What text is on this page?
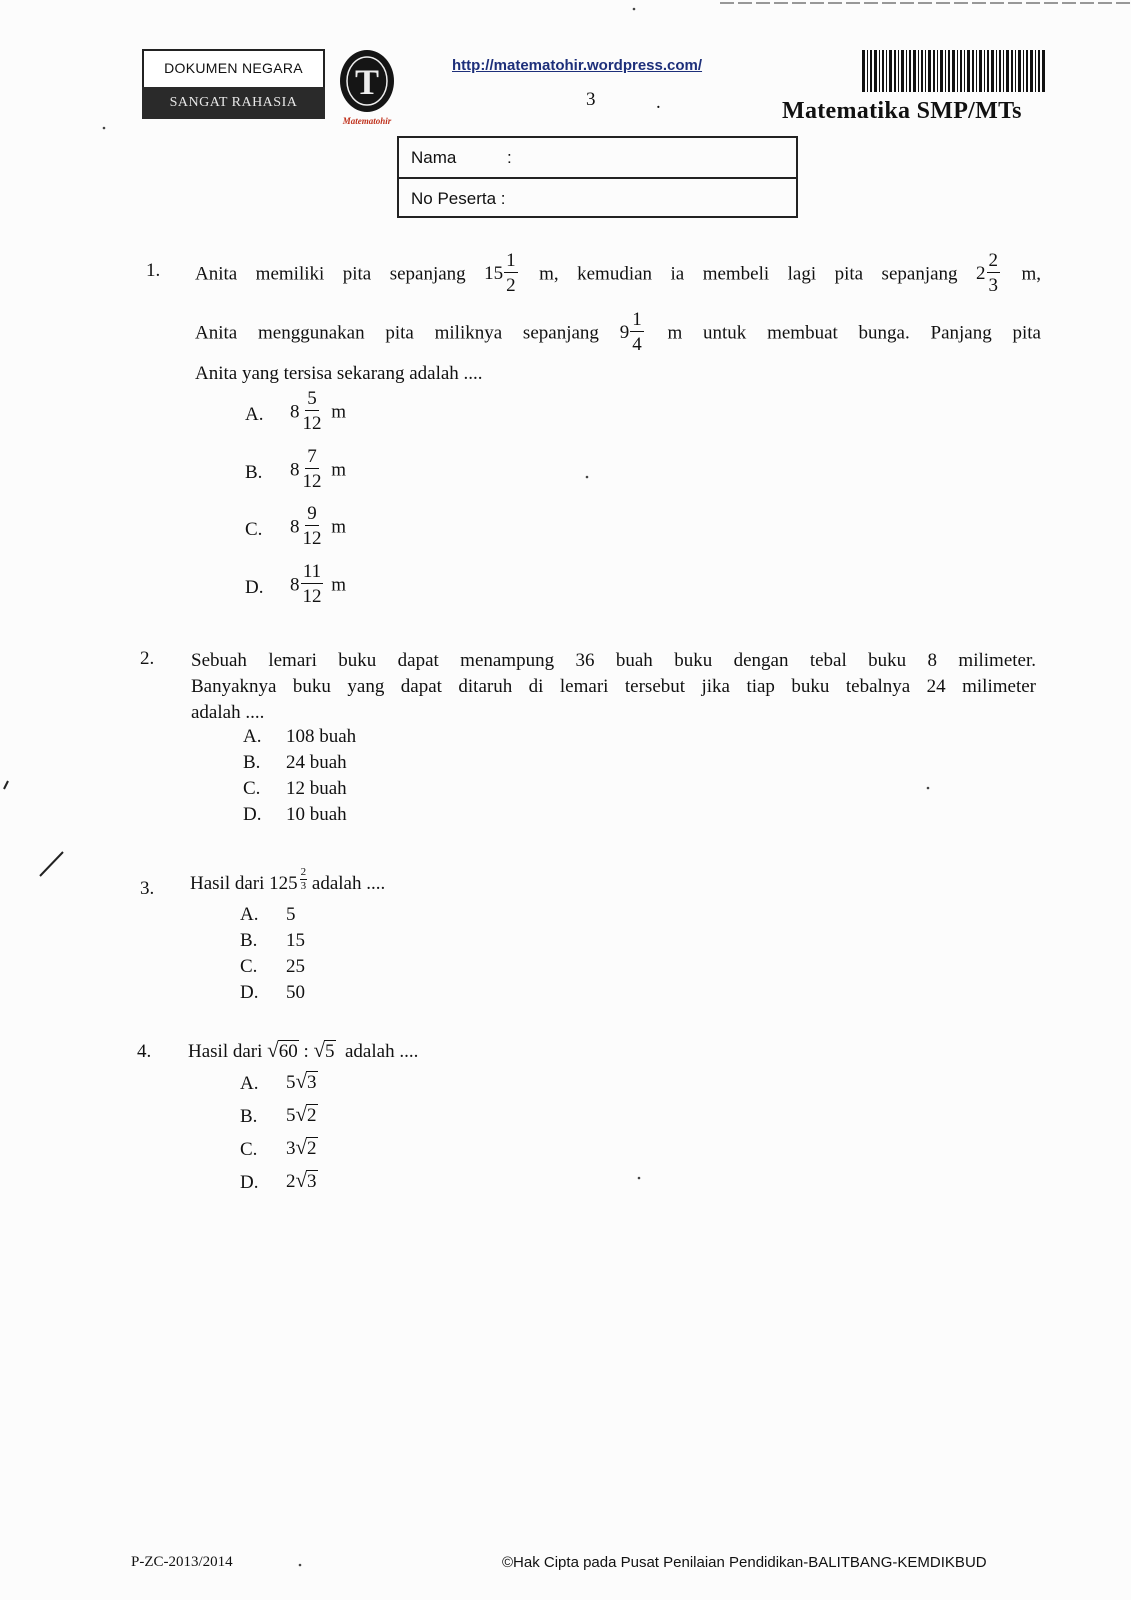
DOKUMEN NEGARA
SANGAT RAHASIA
T
Matematohir
http://matematohir.wordpress.com/
3	.	Matematika SMP/MTs
Nama	:
No Peserta :
1. Anita memiliki pita sepanjang $15 \frac{1}{2} m$, kemudian ia membeli lagi pita sepanjang $2 \frac{2}{3} m$,
Anita menggunakan pita miliknya sepanjang $9 \frac{1}{4}$ m untuk membuat bunga. Panjang pita
Anita yang tersisa sekarang adalah ....
A. $8 \frac{5}{12}$ m
B. $8 \frac{7}{12}$ m
C. $8 \frac{9}{12}$ m
D. $8 \frac{11}{12}$ m
2. Sebuah lemari buku dapat menampung 36 buah buku dengan tebal buku 8 milimeter.
Banyaknya buku yang dapat ditaruh di lemari tersebut jika tiap buku tebalnya 24 milimeter
adalah ....
A. 108 buah
B. 24 buah
C. 12 buah
D. 10 buah
3. Hasil dari $125 \frac{2}{3}$ adalah ....
A. 5
B. 15
C. 25
D. 50
4. Hasil dari √ 60 : √ 5 adalah ....
A. 5 √ 3
B. 5 √ 2
C. 3 √ 2
D. 2 √ 3
P-ZC-2013/2014	©Hak Cipta pada Pusat Penilaian Pendidikan-BALITBANG-KEMDIKBUD
